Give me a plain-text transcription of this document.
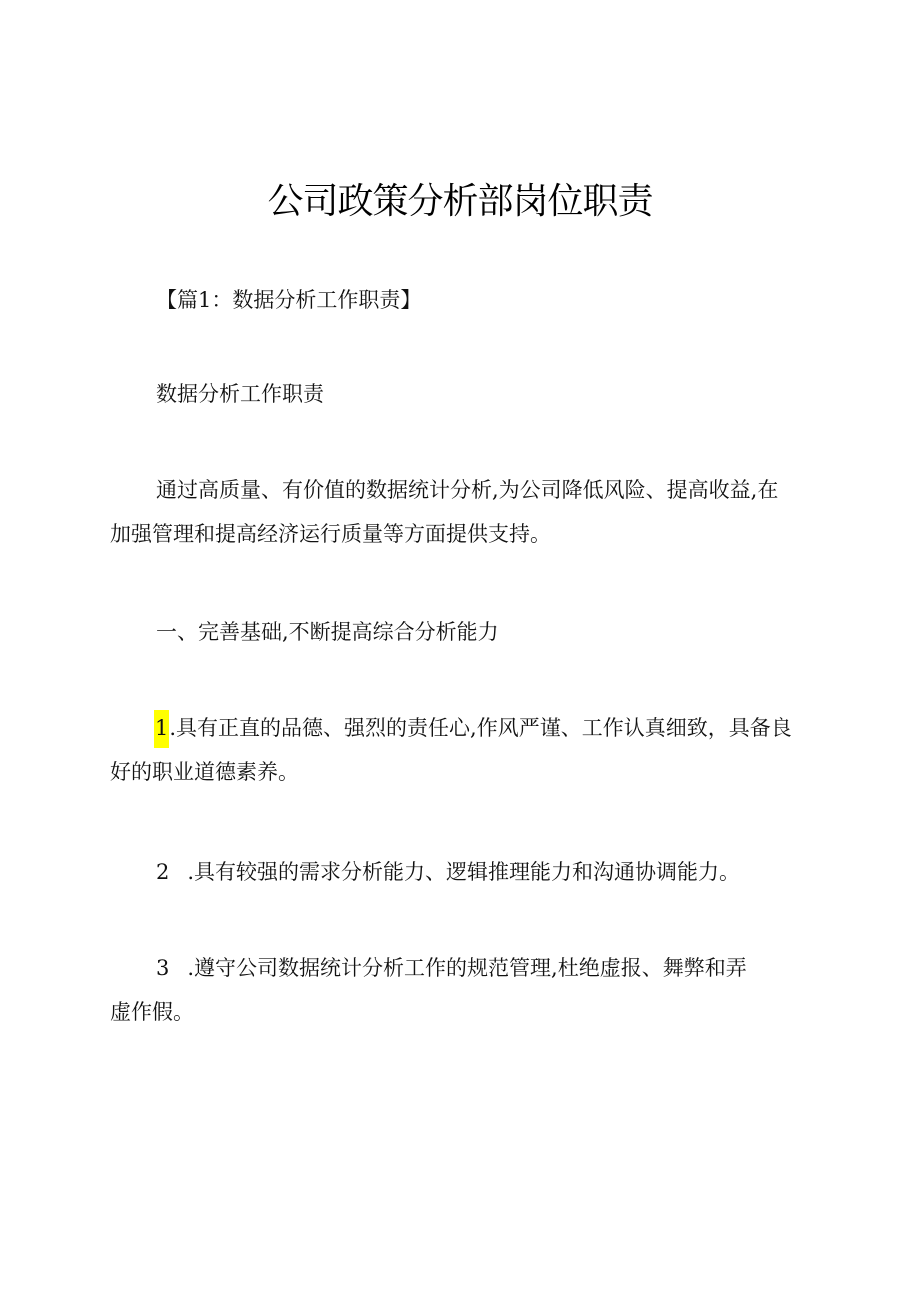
公司政策分析部岗位职责
【篇1：数据分析工作职责】
数据分析工作职责
通过高质量、有价值的数据统计分析,为公司降低风险、提高收益,在
加强管理和提高经济运行质量等方面提供支持。
一、完善基础,不断提高综合分析能力
1.具有正直的品德、强烈的责任心,作风严谨、工作认真细致，具备良
好的职业道德素养。
2 .具有较强的需求分析能力、逻辑推理能力和沟通协调能力。
3 .遵守公司数据统计分析工作的规范管理,杜绝虚报、舞弊和弄
虚作假。
